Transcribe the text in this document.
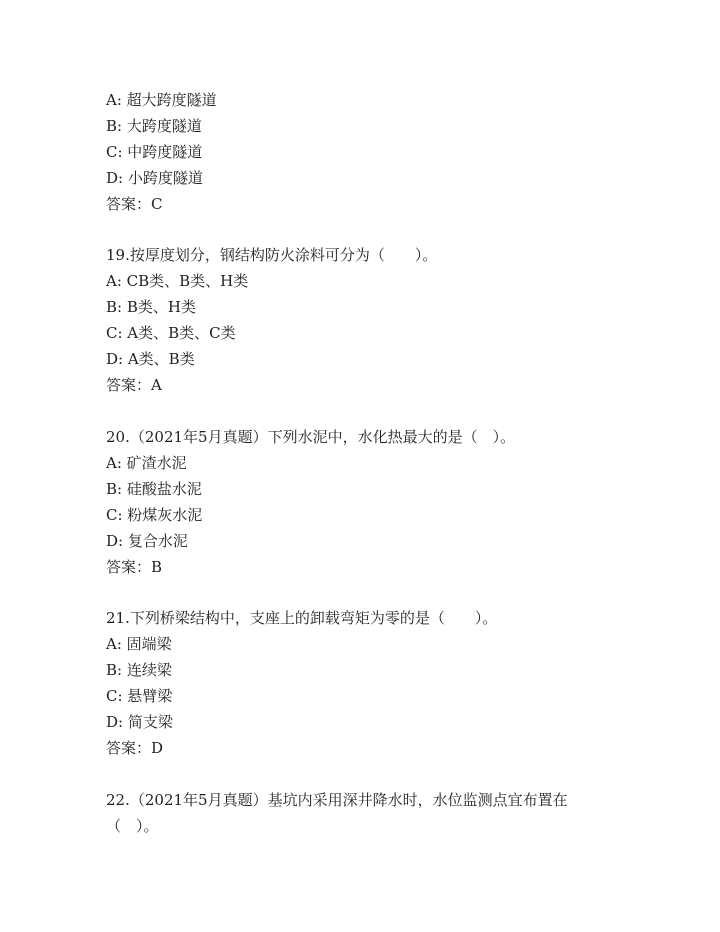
A: 超大跨度隧道
B: 大跨度隧道
C: 中跨度隧道
D: 小跨度隧道
答案：C
19.按厚度划分，钢结构防火涂料可分为（　　）。
A: CB类、B类、H类
B: B类、H类
C: A类、B类、C类
D: A类、B类
答案：A
20.（2021年5月真题）下列水泥中，水化热最大的是（　）。
A: 矿渣水泥
B: 硅酸盐水泥
C: 粉煤灰水泥
D: 复合水泥
答案：B
21.下列桥梁结构中，支座上的卸载弯矩为零的是（　　）。
A: 固端梁
B: 连续梁
C: 悬臂梁
D: 简支梁
答案：D
22.（2021年5月真题）基坑内采用深井降水时，水位监测点宜布置在
（　）。
